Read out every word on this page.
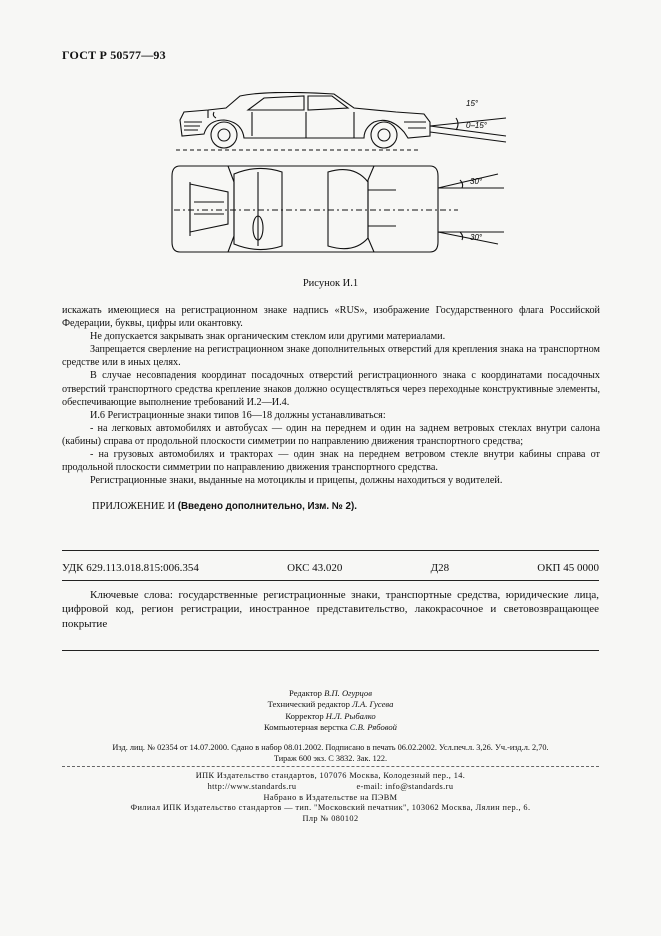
ГОСТ Р 50577—93
15°
0–15°
30°
30°
Рисунок И.1

искажать имеющиеся на регистрационном знаке надпись «RUS», изображение Государственного флага Российской Федерации, буквы, цифры или окантовку.

Не допускается закрывать знак органическим стеклом или другими материалами.

Запрещается сверление на регистрационном знаке дополнительных отверстий для крепления знака на транспортном средстве или в иных целях.

В случае несовпадения координат посадочных отверстий регистрационного знака с координатами посадочных отверстий транспортного средства крепление знаков должно осуществляться через переходные конструктивные элементы, обеспечивающие выполнение требований И.2—И.4.

И.6 Регистрационные знаки типов 16—18 должны устанавливаться:

- на легковых автомобилях и автобусах — один на переднем и один на заднем ветровых стеклах внутри салона (кабины) справа от продольной плоскости симметрии по направлению движения транспортного средства;

- на грузовых автомобилях и тракторах — один знак на переднем ветровом стекле внутри кабины справа от продольной плоскости симметрии по направлению движения транспортного средства.

Регистрационные знаки, выданные на мотоциклы и прицепы, должны находиться у водителей.

ПРИЛОЖЕНИЕ И (Введено дополнительно, Изм. № 2).
УДК 629.113.018.815:006.354	ОКС 43.020	Д28	ОКП 45 0000

Ключевые слова: государственные регистрационные знаки, транспортные средства, юридические лица, цифровой код, регион регистрации, иностранное представительство, лакокрасочное и световозвращающее покрытие

Редактор В.П. Огурцов
Технический редактор Л.А. Гусева
Корректор Н.Л. Рыбалко
Компьютерная верстка С.В. Рябовой
Изд. лиц. № 02354 от 14.07.2000. Сдано в набор 08.01.2002. Подписано в печать 06.02.2002. Усл.печ.л. 3,26. Уч.-изд.л. 2,70.
Тираж 600 экз. С 3832. Зак. 122.
ИПК Издательство стандартов, 107076 Москва, Колодезный пер., 14.
http://www.standards.ru	e-mail: info@standards.ru
Набрано в Издательстве на ПЭВМ
Филиал ИПК Издательство стандартов — тип. "Московский печатник", 103062 Москва, Лялин пер., 6.
Плр № 080102
